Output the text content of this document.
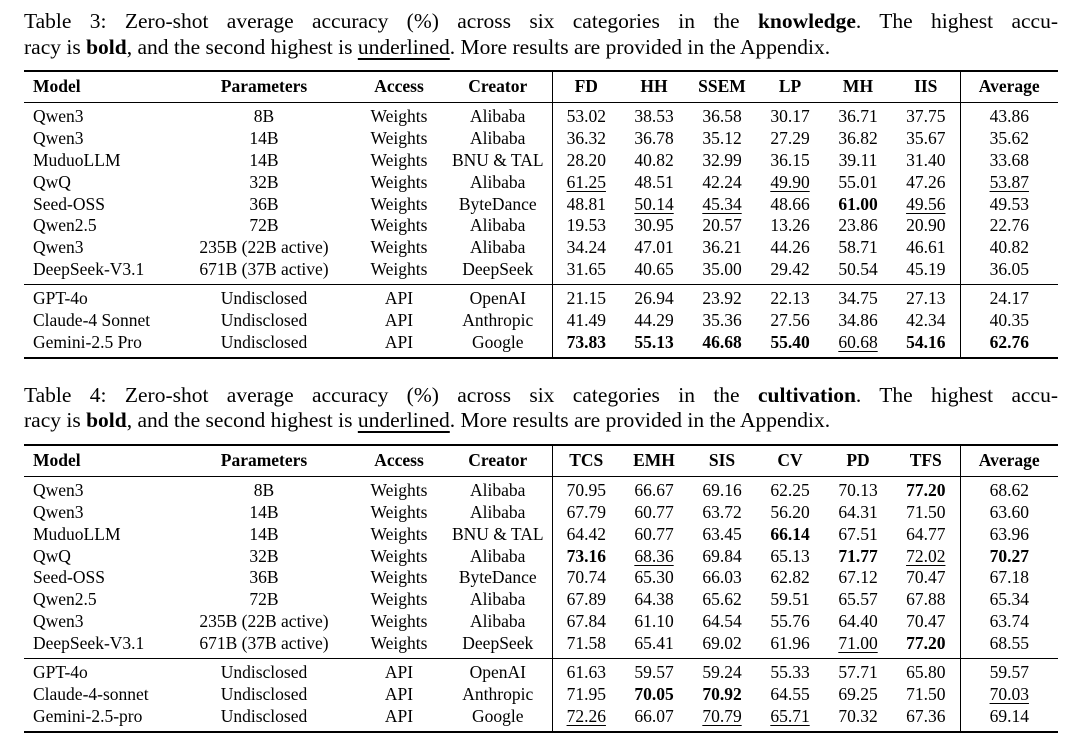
Table 3: Zero-shot average accuracy (%) across six categories in the knowledge. The highest accu-
racy is bold, and the second highest is underlined. More results are provided in the Appendix.
Model	Parameters	Access	Creator	FD	HH	SSEM	LP	MH	IIS	Average
Qwen3	8B	Weights	Alibaba	53.02	38.53	36.58	30.17	36.71	37.75	43.86
Qwen3	14B	Weights	Alibaba	36.32	36.78	35.12	27.29	36.82	35.67	35.62
MuduoLLM	14B	Weights	BNU & TAL	28.20	40.82	32.99	36.15	39.11	31.40	33.68
QwQ	32B	Weights	Alibaba	61.25	48.51	42.24	49.90	55.01	47.26	53.87
Seed-OSS	36B	Weights	ByteDance	48.81	50.14	45.34	48.66	61.00	49.56	49.53
Qwen2.5	72B	Weights	Alibaba	19.53	30.95	20.57	13.26	23.86	20.90	22.76
Qwen3	235B (22B active)	Weights	Alibaba	34.24	47.01	36.21	44.26	58.71	46.61	40.82
DeepSeek-V3.1	671B (37B active)	Weights	DeepSeek	31.65	40.65	35.00	29.42	50.54	45.19	36.05
GPT-4o	Undisclosed	API	OpenAI	21.15	26.94	23.92	22.13	34.75	27.13	24.17
Claude-4 Sonnet	Undisclosed	API	Anthropic	41.49	44.29	35.36	27.56	34.86	42.34	40.35
Gemini-2.5 Pro	Undisclosed	API	Google	73.83	55.13	46.68	55.40	60.68	54.16	62.76
Table 4: Zero-shot average accuracy (%) across six categories in the cultivation. The highest accu-
racy is bold, and the second highest is underlined. More results are provided in the Appendix.
Model	Parameters	Access	Creator	TCS	EMH	SIS	CV	PD	TFS	Average
Qwen3	8B	Weights	Alibaba	70.95	66.67	69.16	62.25	70.13	77.20	68.62
Qwen3	14B	Weights	Alibaba	67.79	60.77	63.72	56.20	64.31	71.50	63.60
MuduoLLM	14B	Weights	BNU & TAL	64.42	60.77	63.45	66.14	67.51	64.77	63.96
QwQ	32B	Weights	Alibaba	73.16	68.36	69.84	65.13	71.77	72.02	70.27
Seed-OSS	36B	Weights	ByteDance	70.74	65.30	66.03	62.82	67.12	70.47	67.18
Qwen2.5	72B	Weights	Alibaba	67.89	64.38	65.62	59.51	65.57	67.88	65.34
Qwen3	235B (22B active)	Weights	Alibaba	67.84	61.10	64.54	55.76	64.40	70.47	63.74
DeepSeek-V3.1	671B (37B active)	Weights	DeepSeek	71.58	65.41	69.02	61.96	71.00	77.20	68.55
GPT-4o	Undisclosed	API	OpenAI	61.63	59.57	59.24	55.33	57.71	65.80	59.57
Claude-4-sonnet	Undisclosed	API	Anthropic	71.95	70.05	70.92	64.55	69.25	71.50	70.03
Gemini-2.5-pro	Undisclosed	API	Google	72.26	66.07	70.79	65.71	70.32	67.36	69.14
